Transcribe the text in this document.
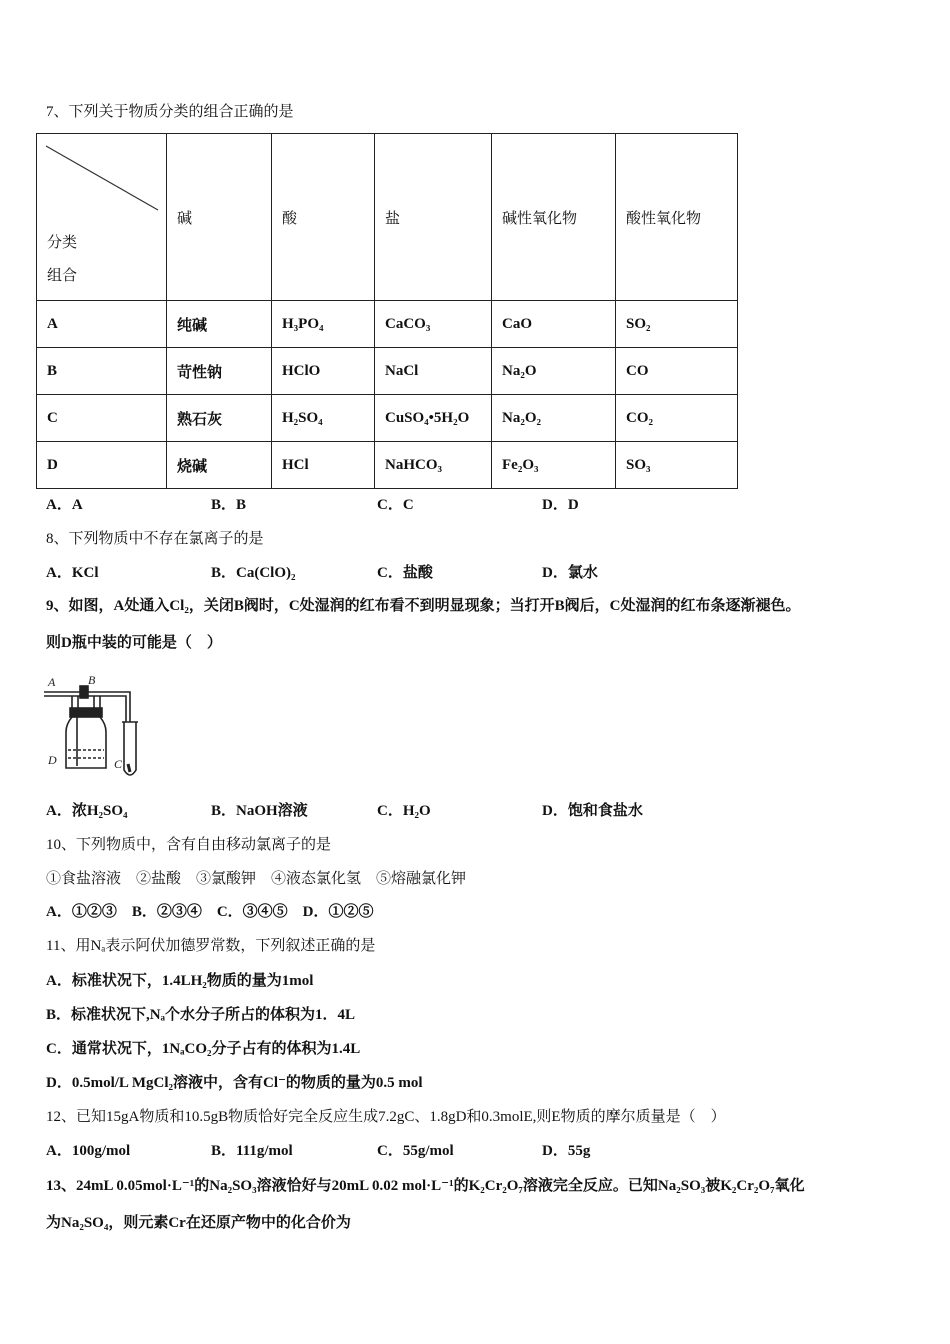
7、下列关于物质分类的组合正确的是
分类
组合	碱	酸	盐	碱性氧化物	酸性氧化物
A	纯碱	H₃PO₄	CaCO₃	CaO	SO₂
B	苛性钠	HClO	NaCl	Na₂O	CO
C	熟石灰	H₂SO₄	CuSO₄•5H₂O	Na₂O₂	CO₂
D	烧碱	HCl	NaHCO₃	Fe₂O₃	SO₃
A．A	B．B	C．C	D．D
8、下列物质中不存在氯离子的是
A．KCl	B．Ca(ClO)₂	C．盐酸	D．氯水
9、如图，A处通入Cl₂，关闭B阀时，C处湿润的红布看不到明显现象；当打开B阀后，C处湿润的红布条逐渐褪色。
则D瓶中装的可能是（　）
A	B
D	C
A．浓H₂SO₄	B．NaOH溶液	C．H₂O	D．饱和食盐水
10、下列物质中，含有自由移动氯离子的是
①食盐溶液　②盐酸　③氯酸钾　④液态氯化氢　⑤熔融氯化钾
A．①②③　B．②③④　C．③④⑤　D．①②⑤
11、用Nₐ表示阿伏加德罗常数，下列叙述正确的是
A．标准状况下，1.4LH₂物质的量为1mol
B．标准状况下,Nₐ个水分子所占的体积为1．4L
C．通常状况下，1NₐCO₂分子占有的体积为1.4L
D．0.5mol/L MgCl₂溶液中，含有Cl⁻的物质的量为0.5 mol
12、已知15gA物质和10.5gB物质恰好完全反应生成7.2gC、1.8gD和0.3molE,则E物质的摩尔质量是（　）
A．100g/mol	B．111g/mol	C．55g/mol	D．55g
13、24mL 0.05mol·L⁻¹的Na₂SO₃溶液恰好与20mL 0.02 mol·L⁻¹的K₂Cr₂O₇溶液完全反应。已知Na₂SO₃被K₂Cr₂O₇氧化
为Na₂SO₄，则元素Cr在还原产物中的化合价为
